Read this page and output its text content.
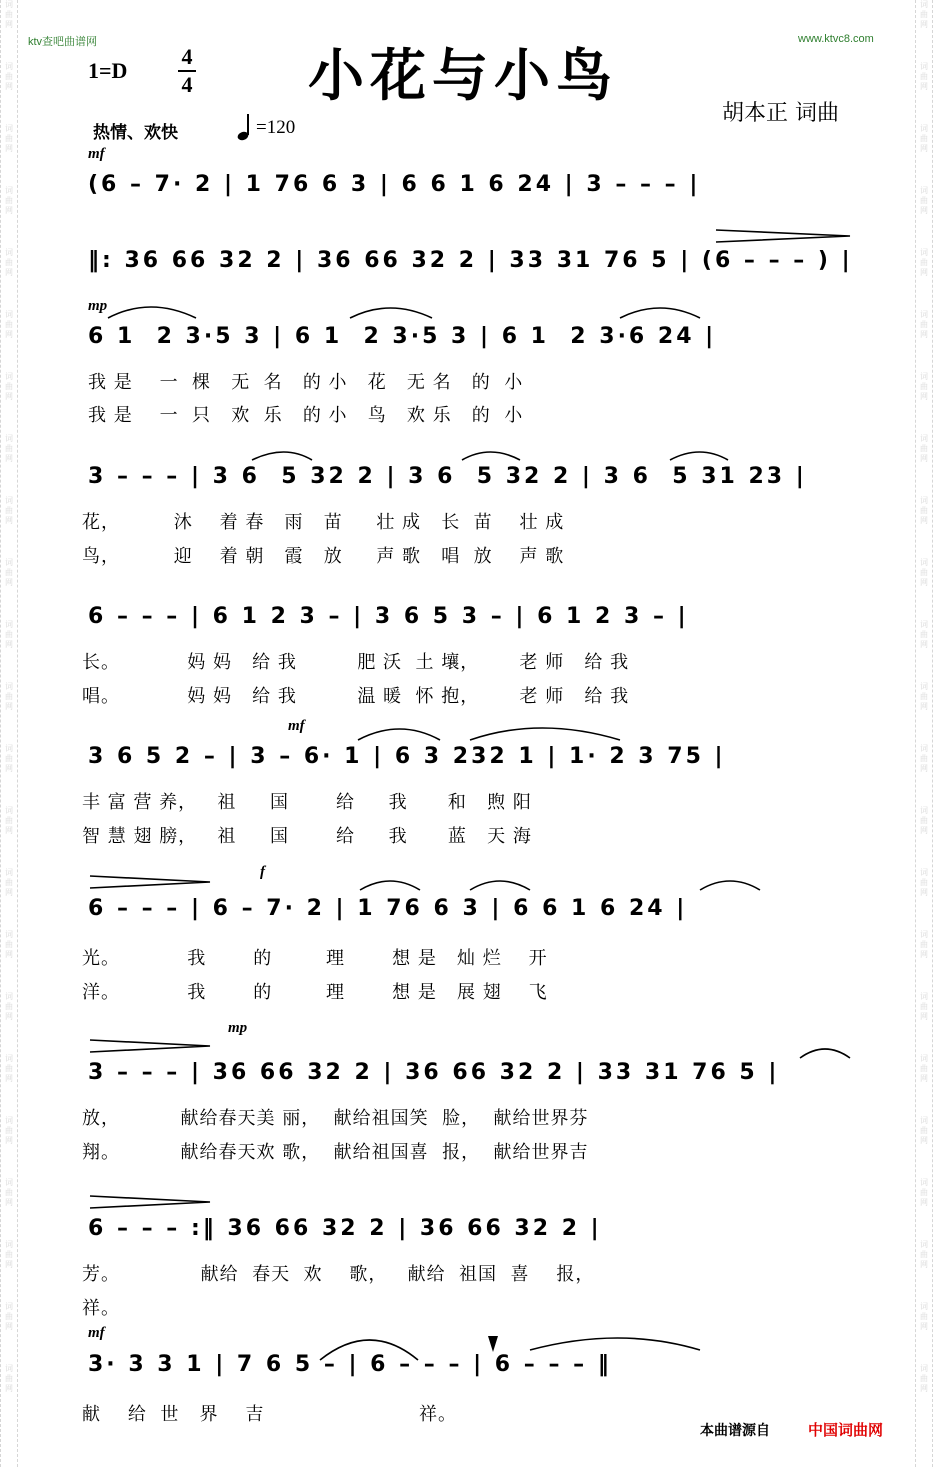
词
曲
网
词
曲
网
词
曲
网
词
曲
网
词
曲
网
词
曲
网
词
曲
网
词
曲
网
词
曲
网
词
曲
网
词
曲
网
词
曲
网
词
曲
网
词
曲
网
词
曲
网
词
曲
网
词
曲
网
词
曲
网
词
曲
网
词
曲
网
词
曲
网
词
曲
网
词
曲
网
词
曲
网
词
曲
网
词
曲
网
词
曲
网
词
曲
网
词
曲
网
词
曲
网
词
曲
网
词
曲
网
词
曲
网
词
曲
网
词
曲
网
词
曲
网
词
曲
网
词
曲
网
词
曲
网
词
曲
网
词
曲
网
词
曲
网
词
曲
网
词
曲
网
词
曲
网
词
曲
网
ktv查吧曲谱网	www.ktvc8.com
小花与小鸟
1=D
4
4
胡本正 词曲
热情、欢快	=120
mf
mp
mf
f
mp
mf
(6 – 7· 2 | 1 76 6 3 | 6 6 1 6 24 | 3 – – – |
‖: 36 66 32 2 | 36 66 32 2 | 33 31 76 5 | (6 – – – ) |
6 1  2 3·5 3 | 6 1  2 3·5 3 | 6 1  2 3·6 24 |
我 是    一  棵   无  名   的 小   花   无 名   的  小
我 是    一  只   欢  乐   的 小   鸟   欢 乐   的  小
3 – – – | 3 6  5 32 2 | 3 6  5 32 2 | 3 6  5 31 23 |
花，        沐    着 春   雨   苗     壮 成   长  苗    壮 成
鸟，        迎    着 朝   霞   放     声 歌   唱  放    声 歌
6 – – – | 6 1 2 3 – | 3 6 5 3 – | 6 1 2 3 – |
长。          妈 妈   给 我         肥 沃  土 壤，      老 师   给 我
唱。          妈 妈   给 我         温 暖  怀 抱，      老 师   给 我
3 6 5 2 – | 3 – 6· 1 | 6 3 232 1 | 1· 2 3 75 |
丰 富 营 养，   祖     国       给     我      和   煦 阳
智 慧 翅 膀，   祖     国       给     我      蓝   天 海
6 – – – | 6 – 7· 2 | 1 76 6 3 | 6 6 1 6 24 |
光。          我       的        理       想 是   灿 烂    开
洋。          我       的        理       想 是   展 翅    飞
3 – – – | 36 66 32 2 | 36 66 32 2 | 33 31 76 5 |
放，         献给春天美 丽，  献给祖国笑  脸，  献给世界芬
翔。         献给春天欢 歌，  献给祖国喜  报，  献给世界吉
6 – – – :‖ 36 66 32 2 | 36 66 32 2 |
芳。            献给  春天  欢    歌，   献给  祖国  喜    报，
祥。
3· 3 3 1 | 7 6 5 – | 6 – – – | 6 – – – ‖
献    给  世   界    吉                       祥。
本曲谱源自	中国词曲网
